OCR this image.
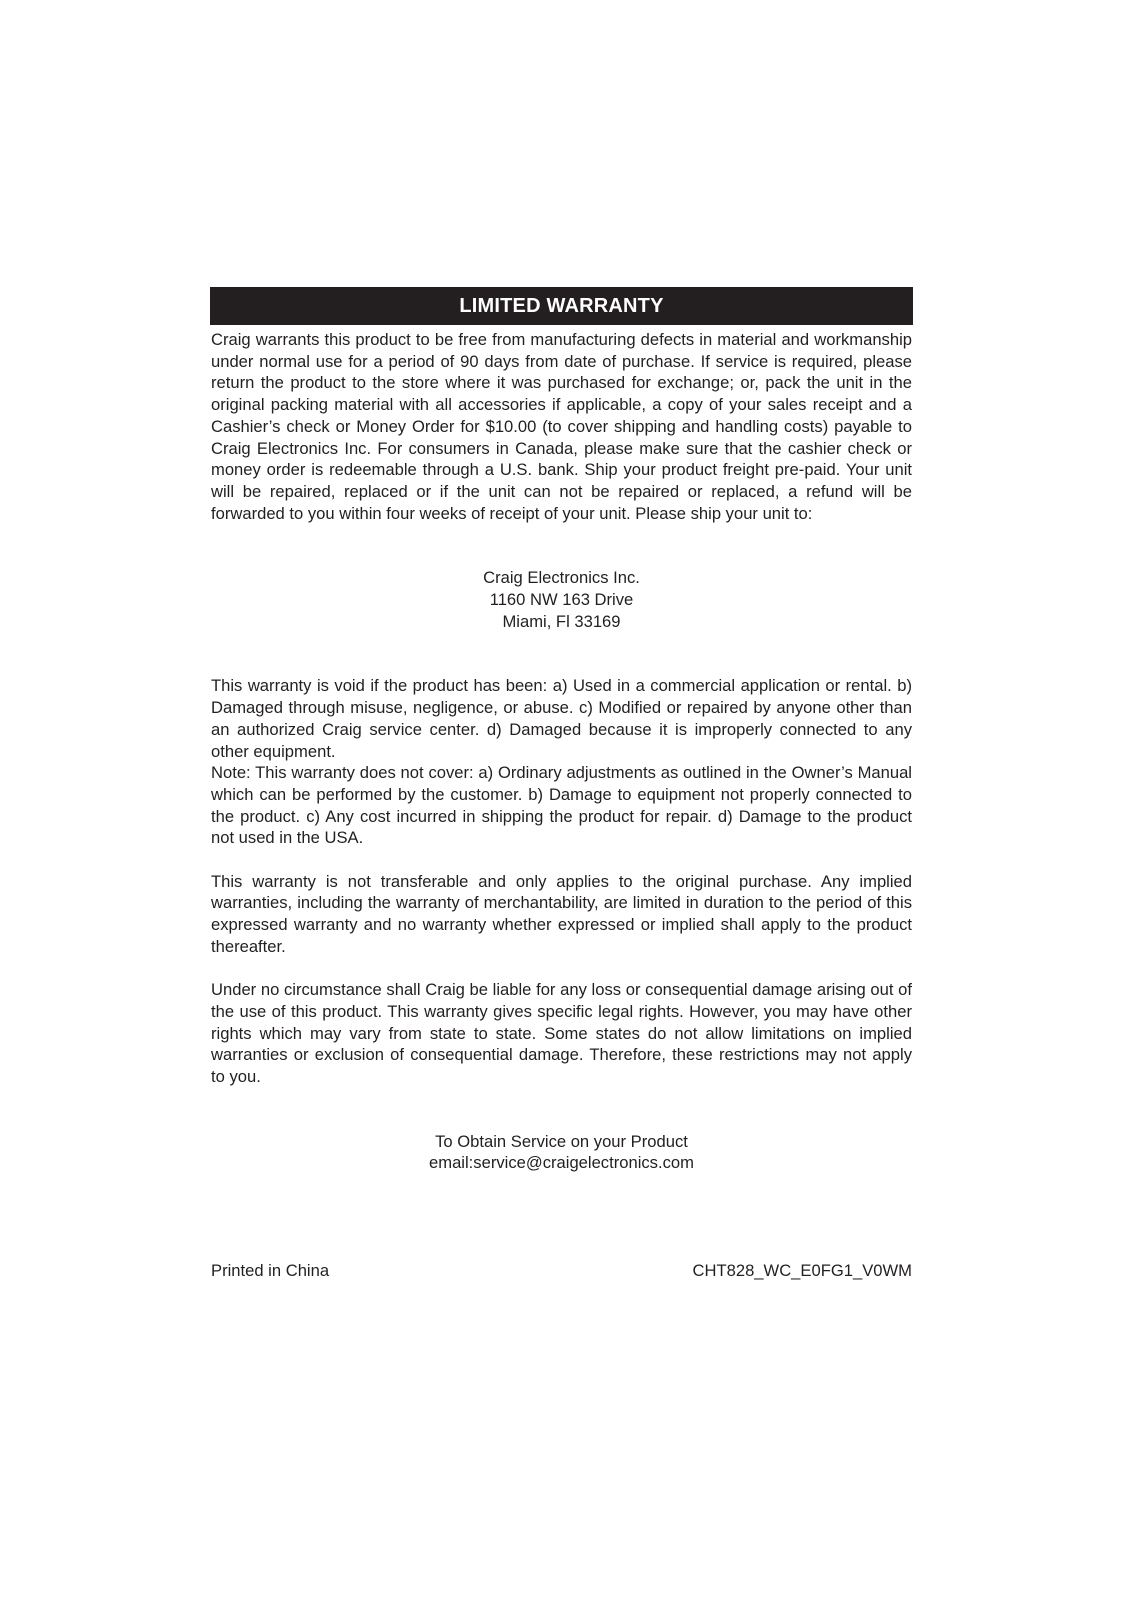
LIMITED WARRANTY

Craig warrants this product to be free from manufacturing defects in material and workmanship under normal use for a period of 90 days from date of purchase. If service is required, please return the product to the store where it was purchased for exchange; or, pack the unit in the original packing material with all accessories if applicable, a copy of your sales receipt and a Cashier’s check or Money Order for $10.00 (to cover shipping and handling costs) payable to Craig Electronics Inc. For consumers in Canada, please make sure that the cashier check or money order is redeemable through a U.S. bank. Ship your product freight pre-paid. Your unit will be repaired, replaced or if the unit can not be repaired or replaced, a refund will be forwarded to you within four weeks of receipt of your unit. Please ship your unit to:

Craig Electronics Inc.
1160 NW 163 Drive
Miami, Fl 33169

This warranty is void if the product has been: a) Used in a commercial application or rental. b) Damaged through misuse, negligence, or abuse. c) Modified or repaired by anyone other than an authorized Craig service center. d) Damaged because it is improperly connected to any other equipment.

Note: This warranty does not cover: a) Ordinary adjustments as outlined in the Owner’s Manual which can be performed by the customer. b) Damage to equipment not properly connected to the product. c) Any cost incurred in shipping the product for repair. d) Damage to the product not used in the USA.

This warranty is not transferable and only applies to the original purchase. Any implied warranties, including the warranty of merchantability, are limited in duration to the period of this expressed warranty and no warranty whether expressed or implied shall apply to the product thereafter.

Under no circumstance shall Craig be liable for any loss or consequential damage arising out of the use of this product. This warranty gives specific legal rights. However, you may have other rights which may vary from state to state. Some states do not allow limitations on implied warranties or exclusion of consequential damage. Therefore, these restrictions may not apply to you.

To Obtain Service on your Product
email:service@craigelectronics.com
Printed in China	CHT828_WC_E0FG1_V0WM
